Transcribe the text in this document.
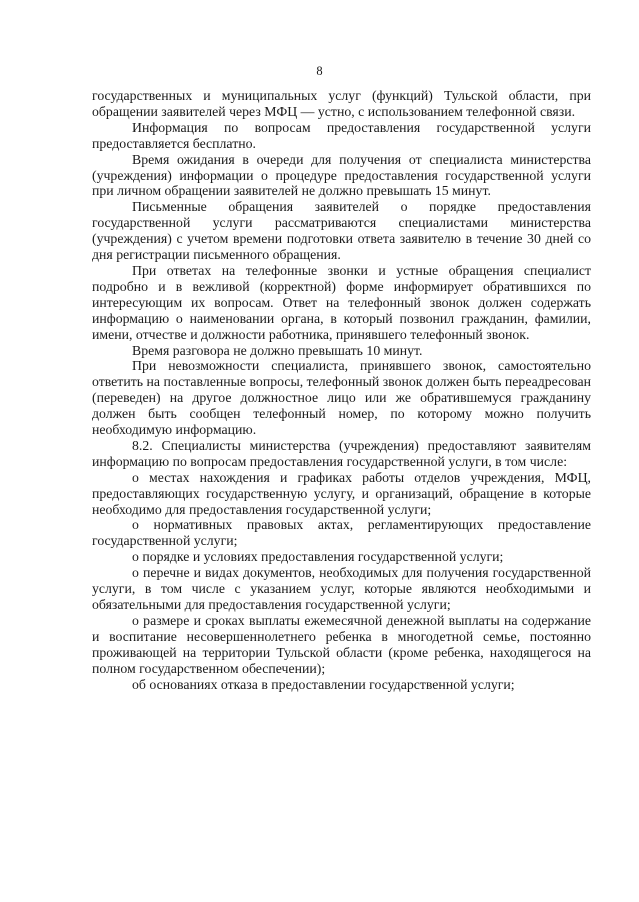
8

государственных и муниципальных услуг (функций) Тульской области, при обращении заявителей через МФЦ — устно, с использованием телефонной связи.

Информация по вопросам предоставления государственной услуги предоставляется бесплатно.

Время ожидания в очереди для получения от специалиста министерства (учреждения) информации о процедуре предоставления государственной услуги при личном обращении заявителей не должно превышать 15 минут.

Письменные обращения заявителей о порядке предоставления государственной услуги рассматриваются специалистами министерства (учреждения) с учетом времени подготовки ответа заявителю в течение 30 дней со дня регистрации письменного обращения.

При ответах на телефонные звонки и устные обращения специалист подробно и в вежливой (корректной) форме информирует обратившихся по интересующим их вопросам. Ответ на телефонный звонок должен содержать информацию о наименовании органа, в который позвонил гражданин, фамилии, имени, отчестве и должности работника, принявшего телефонный звонок.

Время разговора не должно превышать 10 минут.

При невозможности специалиста, принявшего звонок, самостоятельно ответить на поставленные вопросы, телефонный звонок должен быть переадресован (переведен) на другое должностное лицо или же обратившемуся гражданину должен быть сообщен телефонный номер, по которому можно получить необходимую информацию.

8.2. Специалисты министерства (учреждения) предоставляют заявителям информацию по вопросам предоставления государственной услуги, в том числе:

о местах нахождения и графиках работы отделов учреждения, МФЦ, предоставляющих государственную услугу, и организаций, обращение в которые необходимо для предоставления государственной услуги;

о нормативных правовых актах, регламентирующих предоставление государственной услуги;

о порядке и условиях предоставления государственной услуги;

о перечне и видах документов, необходимых для получения государственной услуги, в том числе с указанием услуг, которые являются необходимыми и обязательными для предоставления государственной услуги;

о размере и сроках выплаты ежемесячной денежной выплаты на содержание и воспитание несовершеннолетнего ребенка в многодетной семье, постоянно проживающей на территории Тульской области (кроме ребенка, находящегося на полном государственном обеспечении);

об основаниях отказа в предоставлении государственной услуги;
